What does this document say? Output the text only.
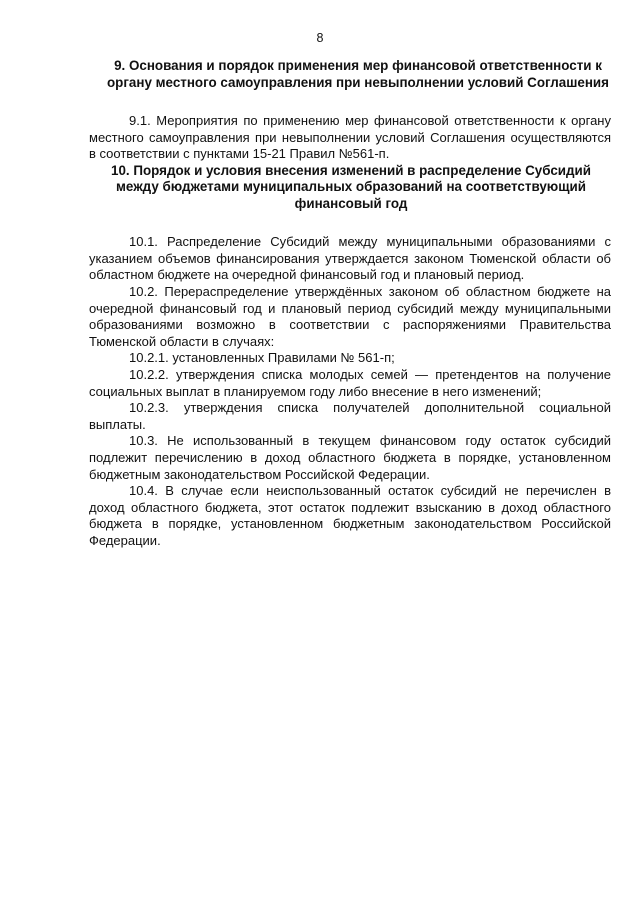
8
9. Основания и порядок применения мер финансовой ответственности к органу местного самоуправления при невыполнении условий Соглашения

9.1. Мероприятия по применению мер финансовой ответственности к органу местного самоуправления при невыполнении условий Соглашения осуществляются в соответствии с пунктами 15-21 Правил №561-п.

10. Порядок и условия внесения изменений в распределение Субсидий между бюджетами муниципальных образований на соответствующий финансовый год

10.1. Распределение Субсидий между муниципальными образованиями с указанием объемов финансирования утверждается законом Тюменской области об областном бюджете на очередной финансовый год и плановый период.

10.2. Перераспределение утверждённых законом об областном бюджете на очередной финансовый год и плановый период субсидий между муниципальными образованиями возможно в соответствии с распоряжениями Правительства Тюменской области в случаях:

10.2.1. установленных Правилами № 561-п;

10.2.2. утверждения списка молодых семей — претендентов на получение социальных выплат в планируемом году либо внесение в него изменений;

10.2.3. утверждения списка получателей дополнительной социальной выплаты.

10.3. Не использованный в текущем финансовом году остаток субсидий подлежит перечислению в доход областного бюджета в порядке, установленном бюджетным законодательством Российской Федерации.

10.4. В случае если неиспользованный остаток субсидий не перечислен в доход областного бюджета, этот остаток подлежит взысканию в доход областного бюджета в порядке, установленном бюджетным законодательством Российской Федерации.
